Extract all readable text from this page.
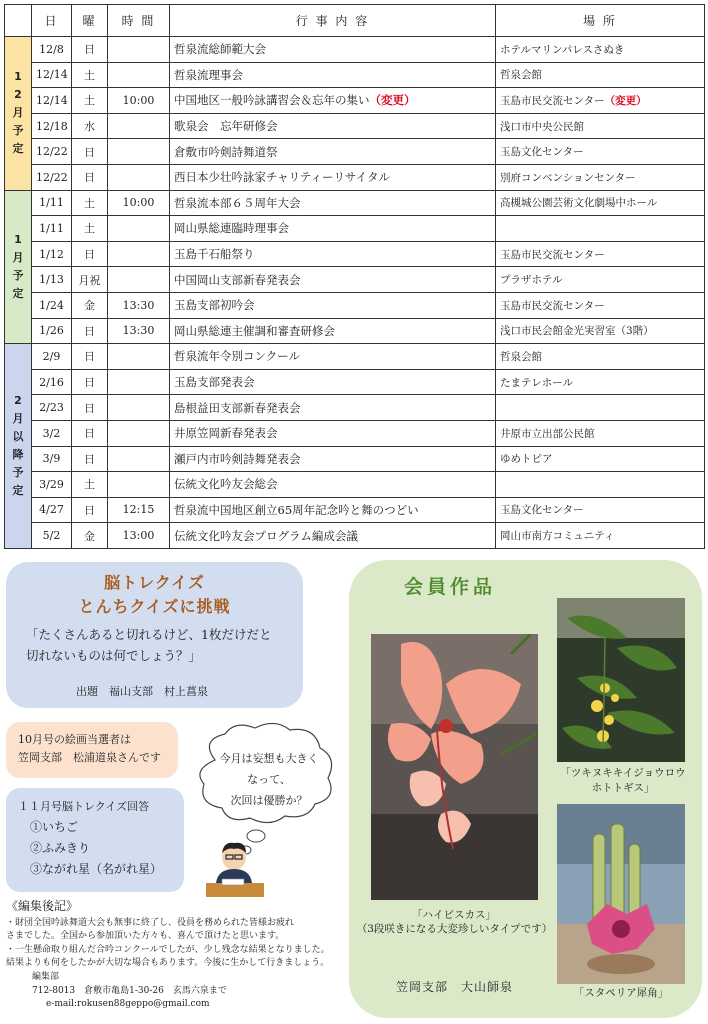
	日	曜	時 間	行 事 内 容	場 所
12月予定	12/8	日		哲泉流総師範大会	ホテルマリンパレスさぬき
	12/14	土		哲泉流理事会	哲泉会館
	12/14	土	10:00	中国地区一般吟詠講習会＆忘年の集い（変更）	玉島市民交流センター（変更）
	12/18	水		歌泉会　忘年研修会	浅口市中央公民館
	12/22	日		倉敷市吟剣詩舞道祭	玉島文化センター
	12/22	日		西日本少壮吟詠家チャリティーリサイタル	別府コンベンションセンター
1月予定	1/11	土	10:00	哲泉流本部６５周年大会	高槻城公園芸術文化劇場中ホール
	1/11	土		岡山県総連臨時理事会	
	1/12	日		玉島千石船祭り	玉島市民交流センター
	1/13	月祝		中国岡山支部新春発表会	プラザホテル
	1/24	金	13:30	玉島支部初吟会	玉島市民交流センター
	1/26	日	13:30	岡山県総連主催調和審査研修会	浅口市民会館金光実習室（3階）
2月以降予定	2/9	日		哲泉流年令別コンクール	哲泉会館
	2/16	日		玉島支部発表会	たまテレホール
	2/23	日		島根益田支部新春発表会	
	3/2	日		井原笠岡新春発表会	井原市立出部公民館
	3/9	日		瀬戸内市吟剣詩舞発表会	ゆめトピア
	3/29	土		伝統文化吟友会総会	
	4/27	日	12:15	哲泉流中国地区創立65周年記念吟と舞のつどい	玉島文化センター
	5/2	金	13:00	伝統文化吟友会プログラム編成会議	岡山市南方コミュニティ
脳トレクイズ
とんちクイズに挑戦
「たくさんあると切れるけど、1枚だけだと
切れないものは何でしょう？」
出題　福山支部　村上菖泉
10月号の絵画当選者は
笠岡支部　松浦道泉さんです
１１月号脳トレクイズ回答
①いちご
②ふみきり
③ながれ星（名がれ星）
今月は妄想も大きく
なって、
次回は優勝か？
《編集後記》
・財団全国吟詠舞道大会も無事に終了し、役員を務められた皆様お疲れ
さまでした。全国から参加頂いた方々も、喜んで頂けたと思います。
・一生懸命取り組んだ合吟コンクールでしたが、少し残念な結果となりました。
結果よりも何をしたかが大切な場合もあります。今後に生かして行きましょう。
編集部
712-8013　倉敷市亀島1-30-26　玄馬六泉まで
e-mail:rokusen88geppo@gmail.com
会員作品
「ハイビスカス」
（3段咲きになる大変珍しいタイプです）
「ツキヌキキイジョウロウ
ホトトギス」
「スタペリア犀角」
笠岡支部　大山師泉
